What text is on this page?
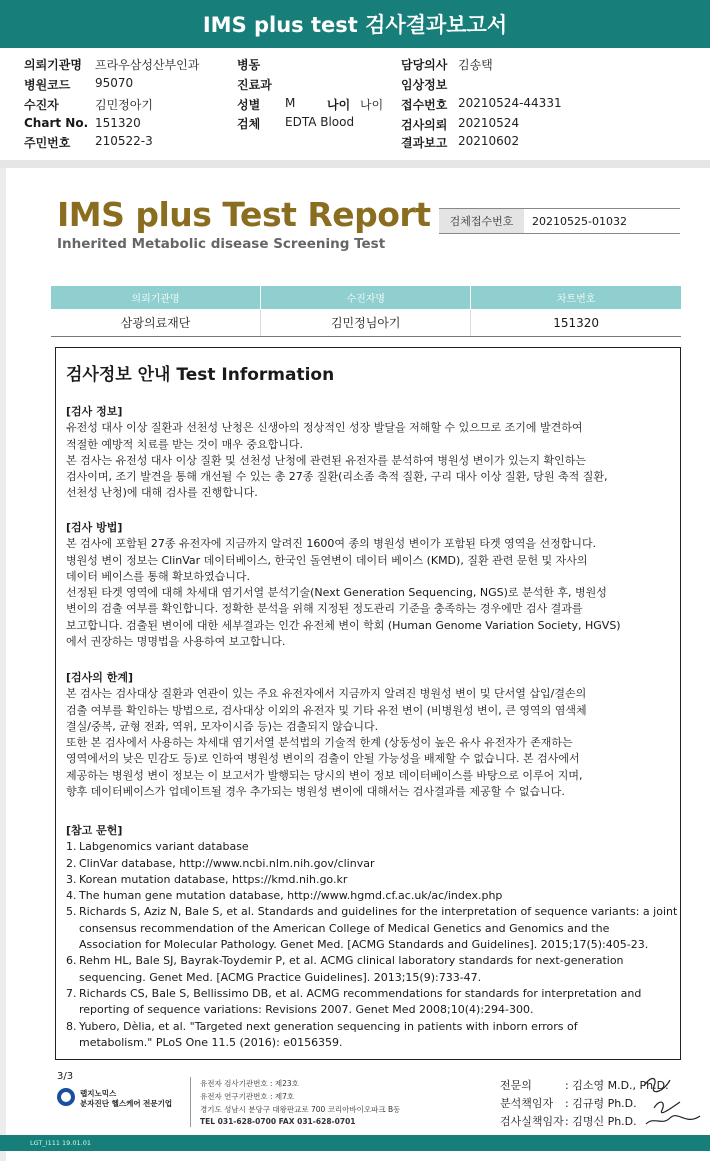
IMS plus test 검사결과보고서
의뢰기관명 프라우삼성산부인과
병원코드 95070
수진자	김민정아기
Chart No. 151320
주민번호 210522-3
병동
진료과
성별 M	나이 나이
검체 EDTA Blood
담당의사 김송택
임상정보
접수번호 20210524-44331
검사의뢰 20210524
결과보고 20210602
IMS plus Test Report
Inherited Metabolic disease Screening Test
검체접수번호	20210525-01032
의뢰기관명	수진자명	차트번호
삼광의료재단	김민정님아기	151320
검사정보 안내 Test Information

[검사 정보]

유전성 대사 이상 질환과 선천성 난청은 신생아의 정상적인 성장 발달을 저해할 수 있으므로 조기에 발견하여

적절한 예방적 치료를 받는 것이 매우 중요합니다.

본 검사는 유전성 대사 이상 질환 및 선천성 난청에 관련된 유전자를 분석하여 병원성 변이가 있는지 확인하는

검사이며, 조기 발견을 통해 개선될 수 있는 총 27종 질환(리소좀 축적 질환, 구리 대사 이상 질환, 당원 축적 질환,

선천성 난청)에 대해 검사를 진행합니다.

[검사 방법]

본 검사에 포함된 27종 유전자에 지금까지 알려진 1600여 종의 병원성 변이가 포함된 타겟 영역을 선정합니다.

병원성 변이 정보는 ClinVar 데이터베이스, 한국인 돌연변이 데이터 베이스 (KMD), 질환 관련 문헌 및 자사의

데이터 베이스를 통해 확보하였습니다.

선정된 타겟 영역에 대해 차세대 염기서열 분석기술(Next Generation Sequencing, NGS)로 분석한 후, 병원성

변이의 검출 여부를 확인합니다. 정확한 분석을 위해 지정된 정도관리 기준을 충족하는 경우에만 검사 결과를

보고합니다. 검출된 변이에 대한 세부결과는 인간 유전체 변이 학회 (Human Genome Variation Society, HGVS)

에서 권장하는 명명법을 사용하여 보고합니다.

[검사의 한계]

본 검사는 검사대상 질환과 연관이 있는 주요 유전자에서 지금까지 알려진 병원성 변이 및 단서열 삽입/결손의

검출 여부를 확인하는 방법으로, 검사대상 이외의 유전자 및 기타 유전 변이 (비병원성 변이, 큰 영역의 염색체

결실/중복, 균형 전좌, 역위, 모자이시즘 등)는 검출되지 않습니다.

또한 본 검사에서 사용하는 차세대 염기서열 분석법의 기술적 한계 (상동성이 높은 유사 유전자가 존재하는

영역에서의 낮은 민감도 등)로 인하여 병원성 변이의 검출이 안될 가능성을 배제할 수 없습니다. 본 검사에서

제공하는 병원성 변이 정보는 이 보고서가 발행되는 당시의 변이 정보 데이터베이스를 바탕으로 이루어 지며,

향후 데이터베이스가 업데이트될 경우 추가되는 병원성 변이에 대해서는 검사결과를 제공할 수 없습니다.

[참고 문헌]
1. Labgenomics variant database
2. ClinVar database, http://www.ncbi.nlm.nih.gov/clinvar
3. Korean mutation database, https://kmd.nih.go.kr
4. The human gene mutation database, http://www.hgmd.cf.ac.uk/ac/index.php
5. Richards S, Aziz N, Bale S, et al. Standards and guidelines for the interpretation of sequence variants: a joint
consensus recommendation of the American College of Medical Genetics and Genomics and the
Association for Molecular Pathology. Genet Med. [ACMG Standards and Guidelines]. 2015;17(5):405-23.
6. Rehm HL, Bale SJ, Bayrak-Toydemir P, et al. ACMG clinical laboratory standards for next-generation
sequencing. Genet Med. [ACMG Practice Guidelines]. 2013;15(9):733-47.
7. Richards CS, Bale S, Bellissimo DB, et al. ACMG recommendations for standards for interpretation and
reporting of sequence variations: Revisions 2007. Genet Med 2008;10(4):294-300.
8. Yubero, Dèlia, et al. "Targeted next generation sequencing in patients with inborn errors of
metabolism." PLoS One 11.5 (2016): e0156359.
3/3
랩지노믹스
분자진단 헬스케어 전문기업
유전자 검사기관번호 : 제23호
유전자 연구기관번호 : 제7호
경기도 성남시 분당구 대왕판교로 700 코리아바이오파크 B동
TEL 031-628-0700 FAX 031-628-0701
전문의	: 김소영 M.D., Ph.D.
분석책임자 : 김규령 Ph.D.
검사실책임자 : 김명신 Ph.D.
LGT_I111 19.01.01
